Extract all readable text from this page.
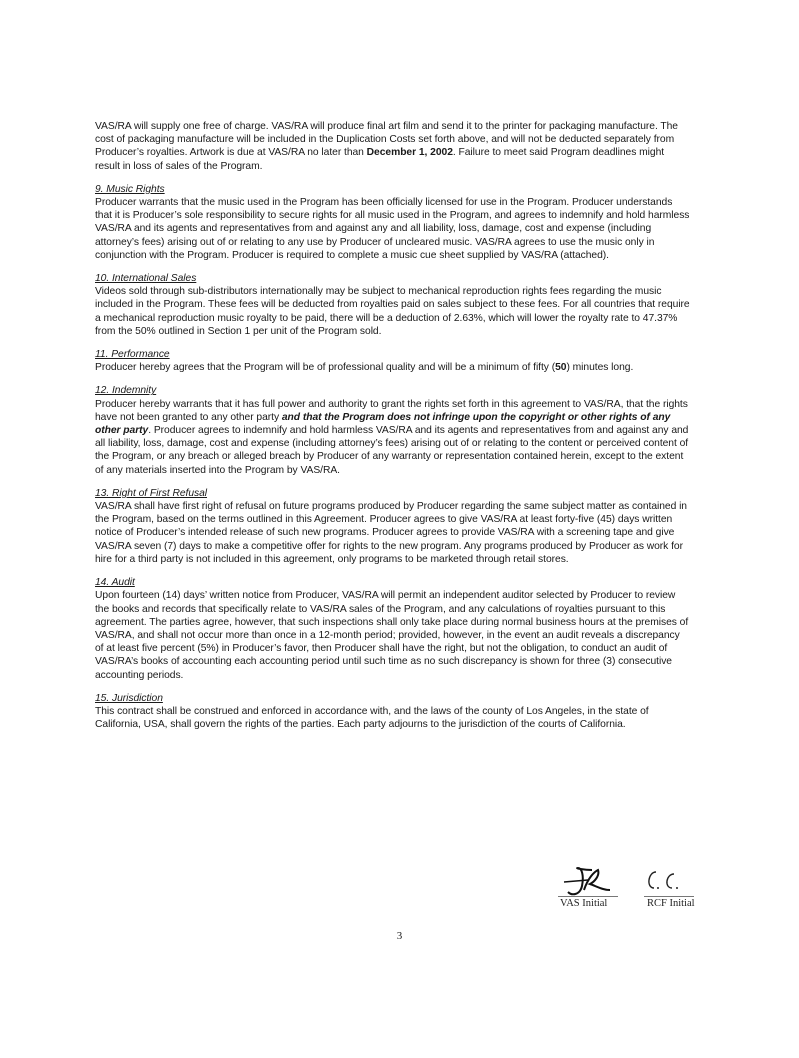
VAS/RA will supply one free of charge. VAS/RA will produce final art film and send it to the printer for packaging manufacture. The cost of packaging manufacture will be included in the Duplication Costs set forth above, and will not be deducted separately from Producer’s royalties. Artwork is due at VAS/RA no later than December 1, 2002. Failure to meet said Program deadlines might result in loss of sales of the Program.

9. Music Rights

Producer warrants that the music used in the Program has been officially licensed for use in the Program. Producer understands that it is Producer’s sole responsibility to secure rights for all music used in the Program, and agrees to indemnify and hold harmless VAS/RA and its agents and representatives from and against any and all liability, loss, damage, cost and expense (including attorney’s fees) arising out of or relating to any use by Producer of uncleared music. VAS/RA agrees to use the music only in conjunction with the Program. Producer is required to complete a music cue sheet supplied by VAS/RA (attached).

10. International Sales

Videos sold through sub-distributors internationally may be subject to mechanical reproduction rights fees regarding the music included in the Program. These fees will be deducted from royalties paid on sales subject to these fees. For all countries that require a mechanical reproduction music royalty to be paid, there will be a deduction of 2.63%, which will lower the royalty rate to 47.37% from the 50% outlined in Section 1 per unit of the Program sold.

11. Performance

Producer hereby agrees that the Program will be of professional quality and will be a minimum of fifty (50) minutes long.

12. Indemnity

Producer hereby warrants that it has full power and authority to grant the rights set forth in this agreement to VAS/RA, that the rights have not been granted to any other party and that the Program does not infringe upon the copyright or other rights of any other party. Producer agrees to indemnify and hold harmless VAS/RA and its agents and representatives from and against any and all liability, loss, damage, cost and expense (including attorney’s fees) arising out of or relating to the content or perceived content of the Program, or any breach or alleged breach by Producer of any warranty or representation contained herein, except to the extent of any materials inserted into the Program by VAS/RA.

13. Right of First Refusal

VAS/RA shall have first right of refusal on future programs produced by Producer regarding the same subject matter as contained in the Program, based on the terms outlined in this Agreement. Producer agrees to give VAS/RA at least forty-five (45) days written notice of Producer’s intended release of such new programs. Producer agrees to provide VAS/RA with a screening tape and give VAS/RA seven (7) days to make a competitive offer for rights to the new program. Any programs produced by Producer as work for hire for a third party is not included in this agreement, only programs to be marketed through retail stores.

14. Audit

Upon fourteen (14) days’ written notice from Producer, VAS/RA will permit an independent auditor selected by Producer to review the books and records that specifically relate to VAS/RA sales of the Program, and any calculations of royalties pursuant to this agreement. The parties agree, however, that such inspections shall only take place during normal business hours at the premises of VAS/RA, and shall not occur more than once in a 12-month period; provided, however, in the event an audit reveals a discrepancy of at least five percent (5%) in Producer’s favor, then Producer shall have the right, but not the obligation, to conduct an audit of VAS/RA’s books of accounting each accounting period until such time as no such discrepancy is shown for three (3) consecutive accounting periods.

15. Jurisdiction

This contract shall be construed and enforced in accordance with, and the laws of the county of Los Angeles, in the state of California, USA, shall govern the rights of the parties. Each party adjourns to the jurisdiction of the courts of California.

VAS Initial	RCF Initial
3
